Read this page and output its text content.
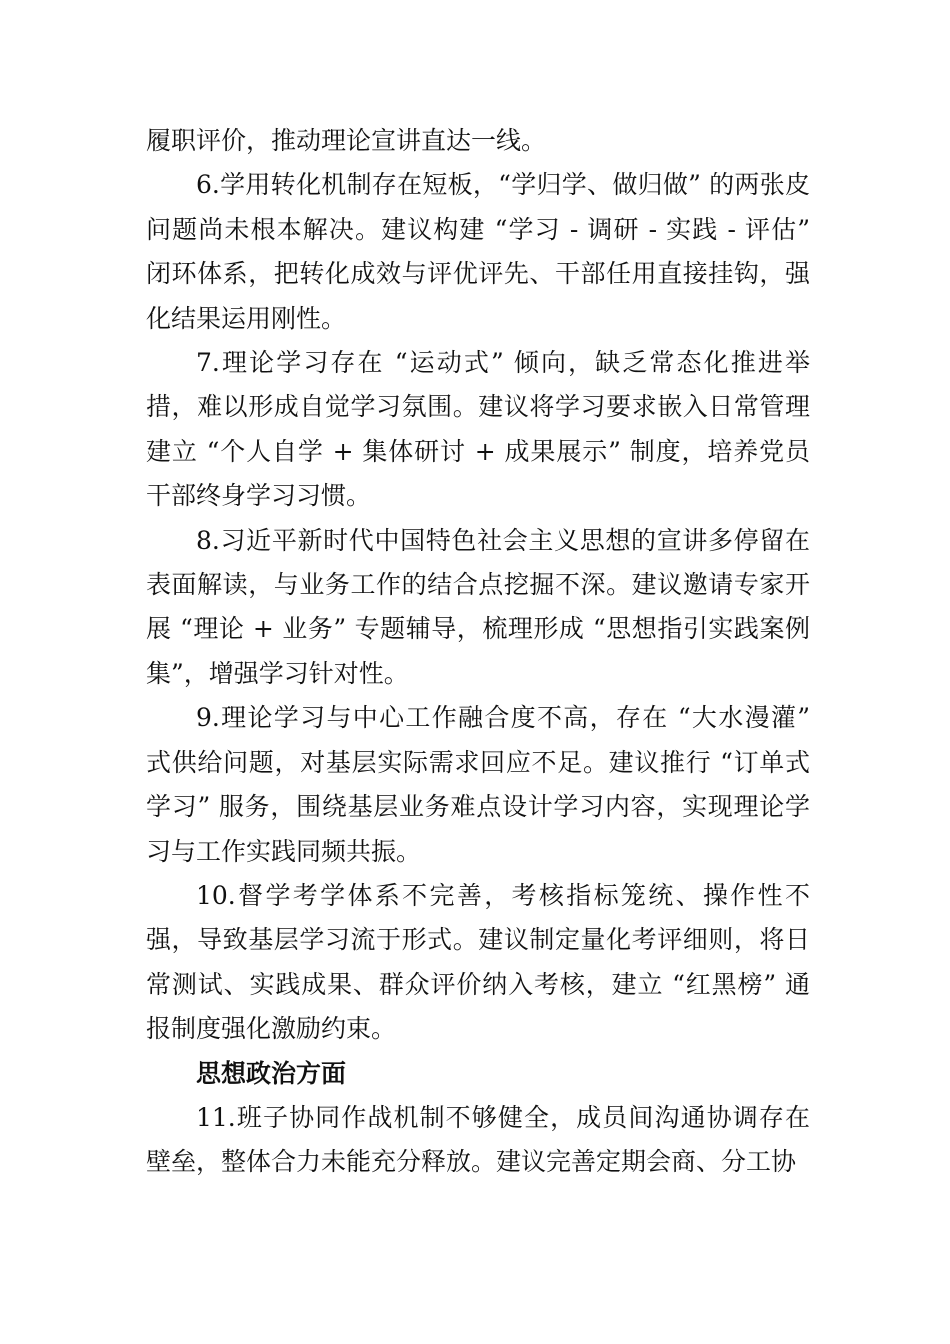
履职评价，推动理论宣讲直达一线。

6.学用转化机制存在短板，“学归学、做归做” 的两张皮问题尚未根本解决。建议构建 “学习 - 调研 - 实践 - 评估” 闭环体系，把转化成效与评优评先、干部任用直接挂钩，强化结果运用刚性。

7.理论学习存在 “运动式” 倾向，缺乏常态化推进举措，难以形成自觉学习氛围。建议将学习要求嵌入日常管理建立 “个人自学 + 集体研讨 + 成果展示” 制度，培养党员干部终身学习习惯。

8.习近平新时代中国特色社会主义思想的宣讲多停留在表面解读，与业务工作的结合点挖掘不深。建议邀请专家开展 “理论 + 业务” 专题辅导，梳理形成 “思想指引实践案例集”，增强学习针对性。

9.理论学习与中心工作融合度不高，存在 “大水漫灌” 式供给问题，对基层实际需求回应不足。建议推行 “订单式学习” 服务，围绕基层业务难点设计学习内容，实现理论学习与工作实践同频共振。

10.督学考学体系不完善，考核指标笼统、操作性不强，导致基层学习流于形式。建议制定量化考评细则，将日常测试、实践成果、群众评价纳入考核，建立 “红黑榜” 通报制度强化激励约束。

思想政治方面

11.班子协同作战机制不够健全，成员间沟通协调存在壁垒，整体合力未能充分释放。建议完善定期会商、分工协
